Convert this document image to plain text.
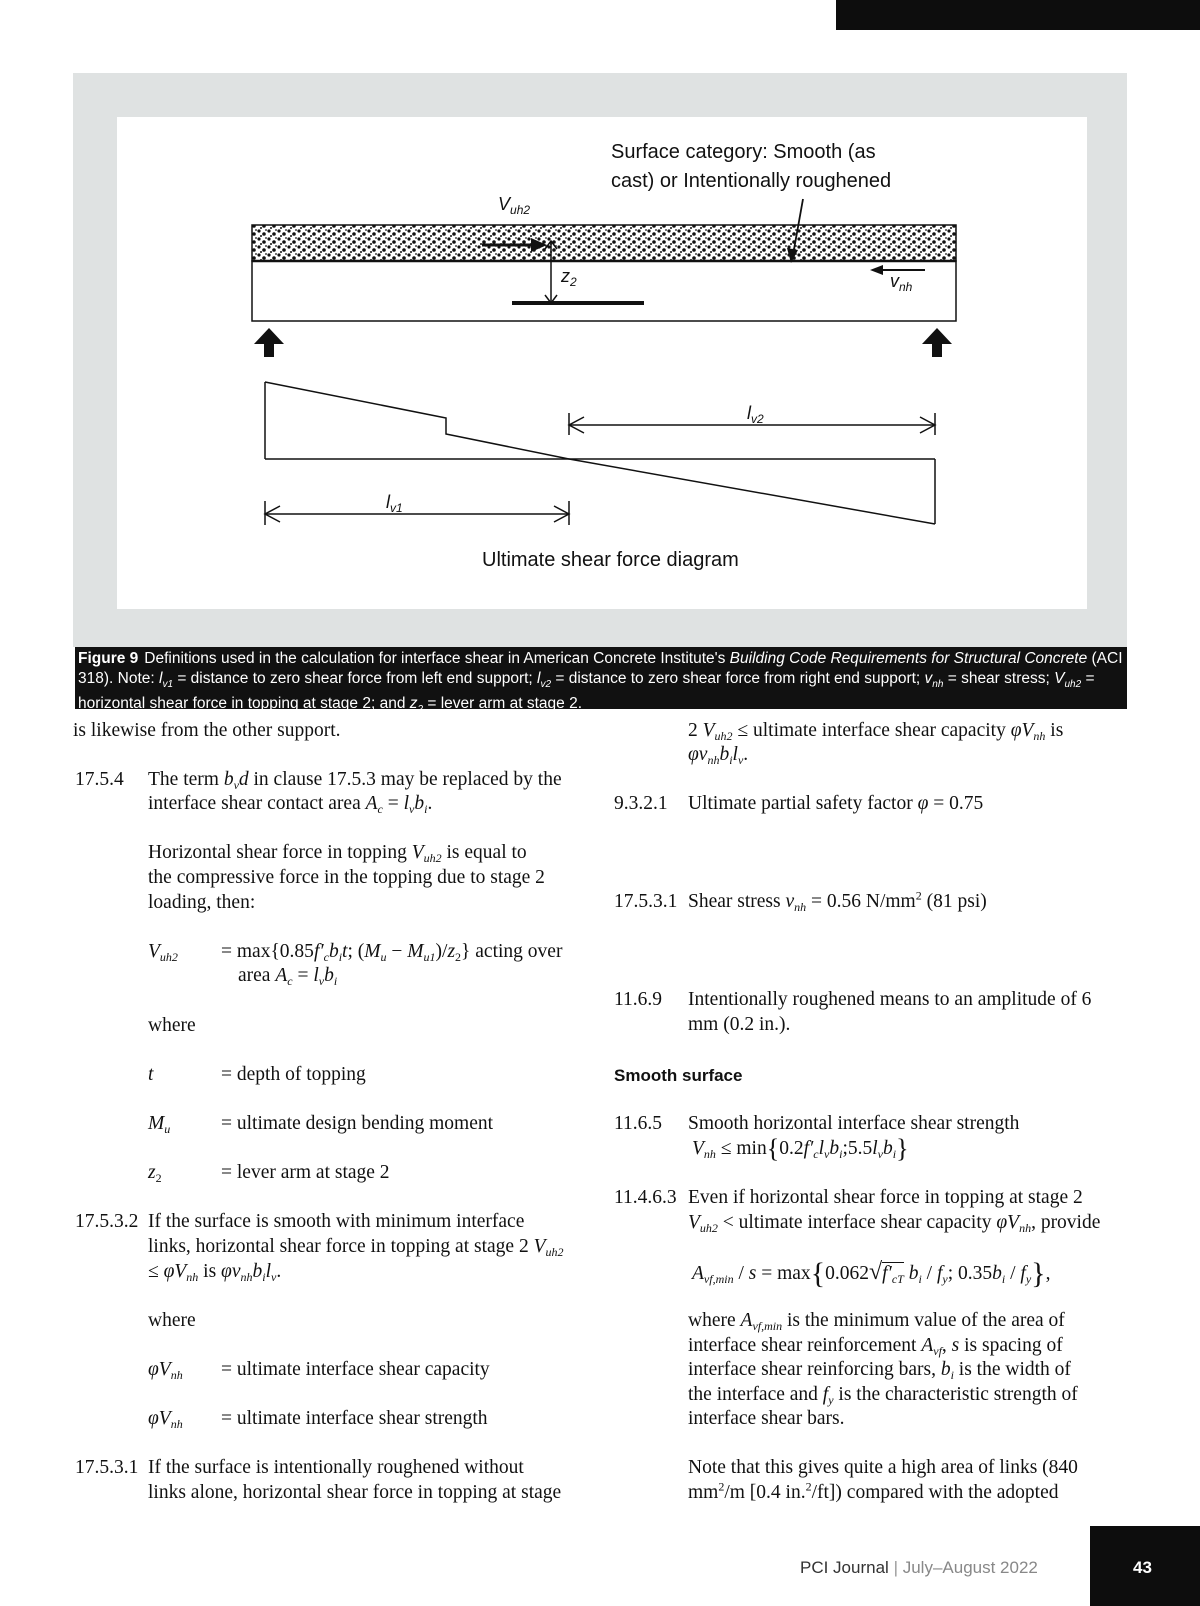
$V_{uh2}$
$z_2$
Surface category: Smooth (as
cast) or Intentionally roughened
$v_{nh}$
$l_{v2}$
$l_{v1}$
Ultimate shear force diagram
Figure 9 Definitions used in the calculation for interface shear in American Concrete Institute's Building Code Requirements for Structural Concrete (ACI 318). Note: $l_{v1}$ = distance to zero shear force from left end support; $l_{v2}$ = distance to zero shear force from right end support; $v_{nh}$ = shear stress; $V_{uh2}$ = horizontal shear force in topping at stage 2; and $z_2$ = lever arm at stage 2.
is likewise from the other support.
17.5.4 The term $b_vd$ in clause 17.5.3 may be replaced by the
interface shear contact area $A_c = l_vb_i$.
Horizontal shear force in topping $V_{uh2}$ is equal to
the compressive force in the topping due to stage 2
loading, then:
$V_{uh2} = \max\{0.85f'_cb_it$; $(M_u - M_{u1})/z_2$} acting over
area $A_c = l_vb_i$
where
t	= depth of topping
$M_u$	= ultimate design bending moment
$z_2$	= lever arm at stage 2
17.5.3.2 If the surface is smooth with minimum interface
links, horizontal shear force in topping at stage 2 $V_{uh2}$
≤ $\varphi V_{nh}$ is $\varphi v_{nh}b_il_v$.
where
$\varphi V_{nh}$ = ultimate interface shear capacity
$\varphi V_{nh}$ = ultimate interface shear strength
17.5.3.1 If the surface is intentionally roughened without
links alone, horizontal shear force in topping at stage
2 $V_{uh2}$ ≤ ultimate interface shear capacity $\varphi V_{nh}$ is
$\varphi v_{nh}b_il_v$.
9.3.2.1 Ultimate partial safety factor φ = 0.75
17.5.3.1 Shear stress $v_{nh} = 0.56$ $N/mm^2$ (81 psi)
11.6.9 Intentionally roughened means to an amplitude of 6
mm (0.2 in.).
Smooth surface
11.6.5 Smooth horizontal interface shear strength
$V_{nh}$ ≤ $\min\{0.2f'_cl_vb_i;5.5l_vb_i\}$
11.4.6.3 Even if horizontal shear force in topping at stage 2
$V_{uh2}$ < ultimate interface shear capacity $\varphi V_{nh}$, provide
$A_{vf,min} / s = \max\{0.062√f'_{cT}$ $b_i / f_y$; $0.35b_i / f_y$},
where $A_{vf,min}$ is the minimum value of the area of
interface shear reinforcement $A_{vf}$, s is spacing of
interface shear reinforcing bars, $b_i$ is the width of
the interface and $f_y$ is the characteristic strength of
interface shear bars.
Note that this gives quite a high area of links (840
$mm^2/m$ [0.4 in.$^2$/ft]) compared with the adopted
PCI Journal | July–August 2022	43
